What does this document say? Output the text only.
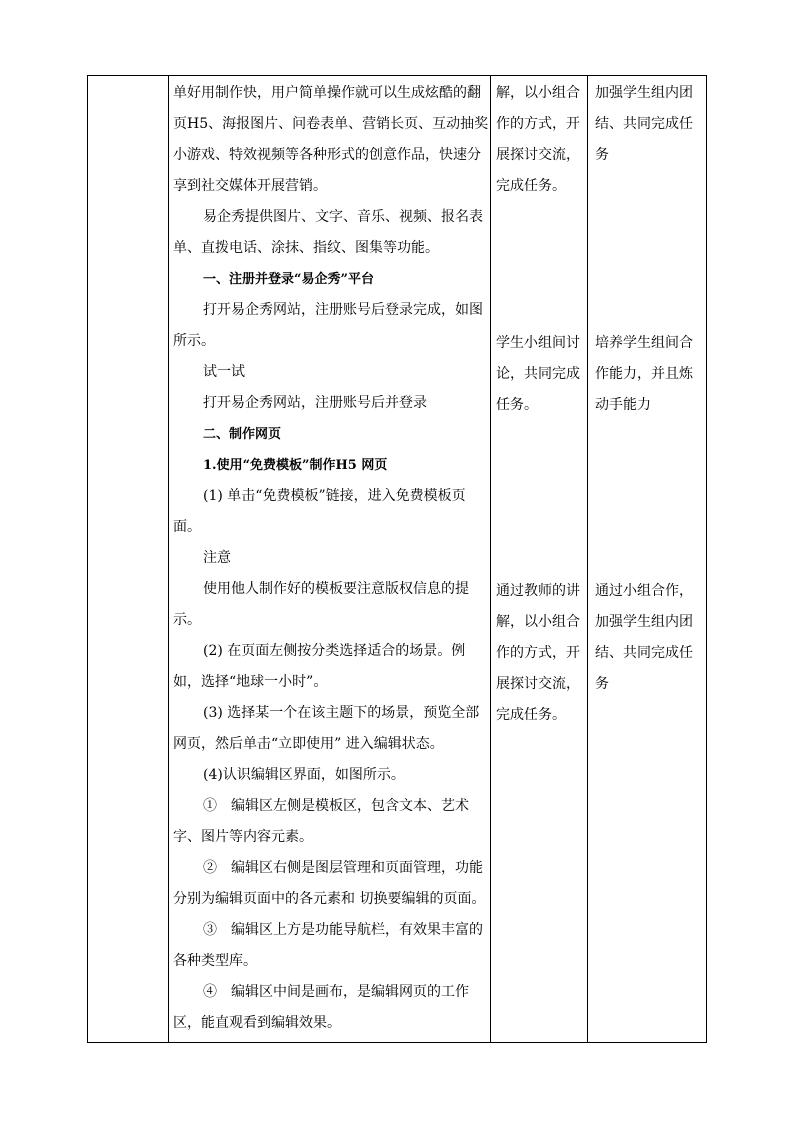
单好用制作快，用户简单操作就可以生成炫酷的翻页H5、海报图片、问卷表单、营销长页、互动抽奖小游戏、特效视频等各种形式的创意作品，快速分享到社交媒体开展营销。

易企秀提供图片、文字、音乐、视频、报名表单、直拨电话、涂抹、指纹、图集等功能。

一、注册并登录“易企秀”平台

打开易企秀网站，注册账号后登录完成，如图所示。

试一试

打开易企秀网站，注册账号后并登录

二、制作网页

1.使用“免费模板”制作H5 网页

(1) 单击“免费模板”链接，进入免费模板页面。

注意

使用他人制作好的模板要注意版权信息的提示。

(2) 在页面左侧按分类选择适合的场景。例如，选择“地球一小时”。

(3) 选择某一个在该主题下的场景，预览全部网页，然后单击“立即使用” 进入编辑状态。

(4)认识编辑区界面，如图所示。

①　编辑区左侧是模板区，包含文本、艺术字、图片等内容元素。

②　编辑区右侧是图层管理和页面管理，功能分别为编辑页面中的各元素和 切换要编辑的页面。

③　编辑区上方是功能导航栏，有效果丰富的各种类型库。

④　编辑区中间是画布，是编辑网页的工作区，能直观看到编辑效果。

解，以小组合
作的方式，开
展探讨交流，
完成任务。
学生小组间讨
论，共同完成
任务。
通过教师的讲
解，以小组合
作的方式，开
展探讨交流，
完成任务。
加强学生组内团
结、共同完成任
务
培养学生组间合
作能力，并且炼
动手能力
通过小组合作，
加强学生组内团
结、共同完成任
务
